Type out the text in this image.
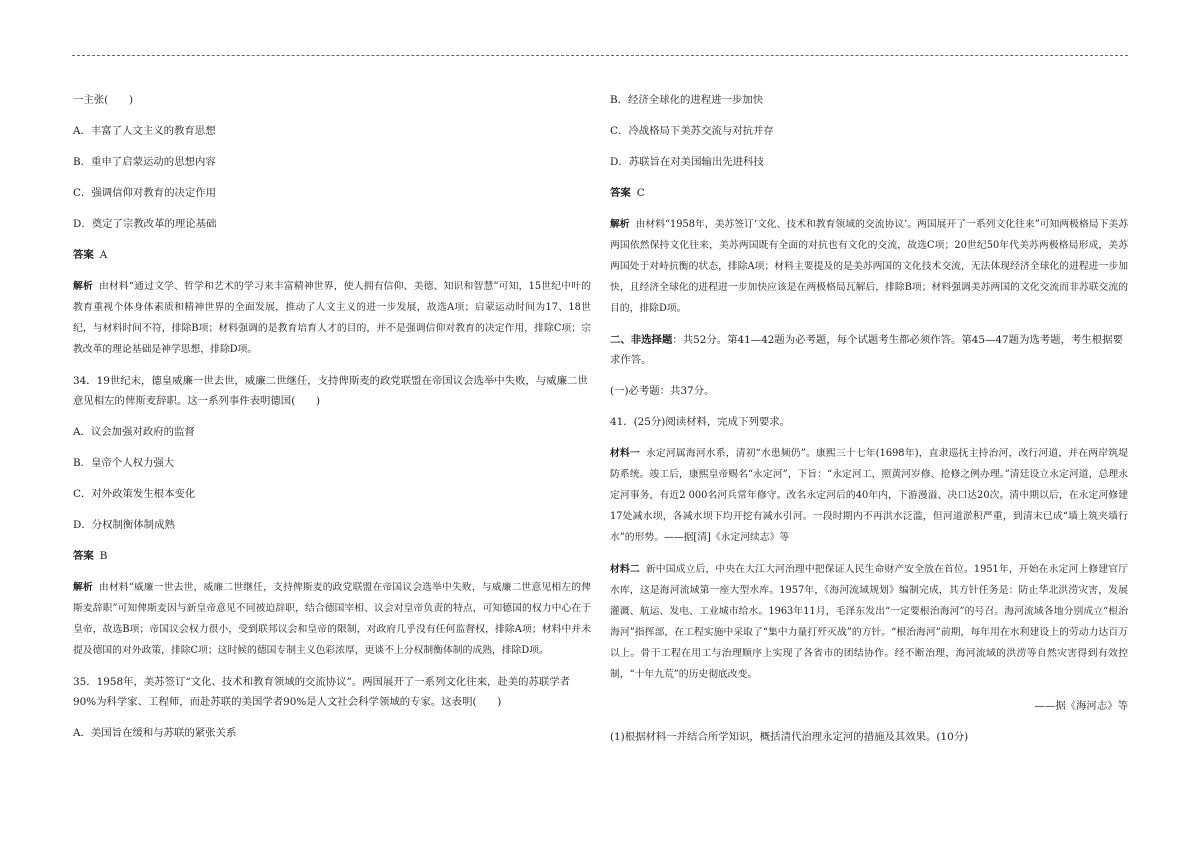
一主张(　　)

A．丰富了人文主义的教育思想

B．重申了启蒙运动的思想内容

C．强调信仰对教育的决定作用

D．奠定了宗教改革的理论基础

答案 A

解析 由材料“通过文学、哲学和艺术的学习来丰富精神世界，使人拥有信仰、美德、知识和智慧”可知，15世纪中叶的教育重视个体身体素质和精神世界的全面发展，推动了人文主义的进一步发展，故选A项；启蒙运动时间为17、18世纪，与材料时间不符，排除B项；材料强调的是教育培育人才的目的，并不是强调信仰对教育的决定作用，排除C项；宗教改革的理论基础是神学思想，排除D项。

34．19世纪末，德皇威廉一世去世，威廉二世继任，支持俾斯麦的政党联盟在帝国议会选举中失败，与威廉二世意见相左的俾斯麦辞职。这一系列事件表明德国(　　)

A．议会加强对政府的监督

B．皇帝个人权力强大

C．对外政策发生根本变化

D．分权制衡体制成熟

答案 B

解析 由材料“威廉一世去世，威廉二世继任，支持俾斯麦的政党联盟在帝国议会选举中失败，与威廉二世意见相左的俾斯麦辞职”可知俾斯麦因与新皇帝意见不同被迫辞职，结合德国宰相、议会对皇帝负责的特点，可知德国的权力中心在于皇帝，故选B项；帝国议会权力很小，受到联邦议会和皇帝的限制，对政府几乎没有任何监督权，排除A项；材料中并未提及德国的对外政策，排除C项；这时候的德国专制主义色彩浓厚，更谈不上分权制衡体制的成熟，排除D项。

35．1958年，美苏签订“文化、技术和教育领域的交流协议”。两国展开了一系列文化往来，赴美的苏联学者90%为科学家、工程师，而赴苏联的美国学者90%是人文社会科学领域的专家。这表明(　　)

A．美国旨在缓和与苏联的紧张关系

B．经济全球化的进程进一步加快

C．冷战格局下美苏交流与对抗并存

D．苏联旨在对美国输出先进科技

答案 C

解析 由材料“1958年，美苏签订‘文化、技术和教育领域的交流协议’。两国展开了一系列文化往来”可知两极格局下美苏两国依然保持文化往来，美苏两国既有全面的对抗也有文化的交流，故选C项；20世纪50年代美苏两极格局形成，美苏两国处于对峙抗衡的状态，排除A项；材料主要提及的是美苏两国的文化技术交流，无法体现经济全球化的进程进一步加快，且经济全球化的进程进一步加快应该是在两极格局瓦解后，排除B项；材料强调美苏两国的文化交流而非苏联交流的目的，排除D项。

二、非选择题：共52分。第41—42题为必考题，每个试题考生都必须作答。第45—47题为选考题，考生根据要求作答。

(一)必考题：共37分。

41．(25分)阅读材料，完成下列要求。

材料一 永定河属海河水系，清初“水患频仍”。康熙三十七年(1698年)，直隶巡抚主持治河，改行河道，并在两岸筑堤防系统。竣工后，康熙皇帝赐名“永定河”，下旨：“永定河工，照黄河岁修、抢修之例办理。”清廷设立永定河道，总理永定河事务，有近2 000名河兵常年修守。改名永定河后的40年内，下游漫溢、决口达20次。清中期以后，在永定河修建17处减水坝，各减水坝下均开挖有减水引河。一段时期内不再洪水泛滥，但河道淤积严重，到清末已成“墙上筑夹墙行水”的形势。——据[清]《永定河续志》等

材料二 新中国成立后，中央在大江大河治理中把保证人民生命财产安全放在首位。1951年，开始在永定河上修建官厅水库，这是海河流域第一座大型水库。1957年，《海河流域规划》编制完成，其方针任务是：防止华北洪涝灾害，发展灌溉、航运、发电、工业城市给水。1963年11月，毛泽东发出“一定要根治海河”的号召。海河流域各地分别成立“根治海河”指挥部，在工程实施中采取了“集中力量打歼灭战”的方针。“根治海河”前期，每年用在水利建设上的劳动力达百万以上。骨干工程在用工与治理顺序上实现了各省市的团结协作。经不断治理，海河流域的洪涝等自然灾害得到有效控制，“十年九荒”的历史彻底改变。

——据《海河志》等

(1)根据材料一并结合所学知识，概括清代治理永定河的措施及其效果。(10分)
